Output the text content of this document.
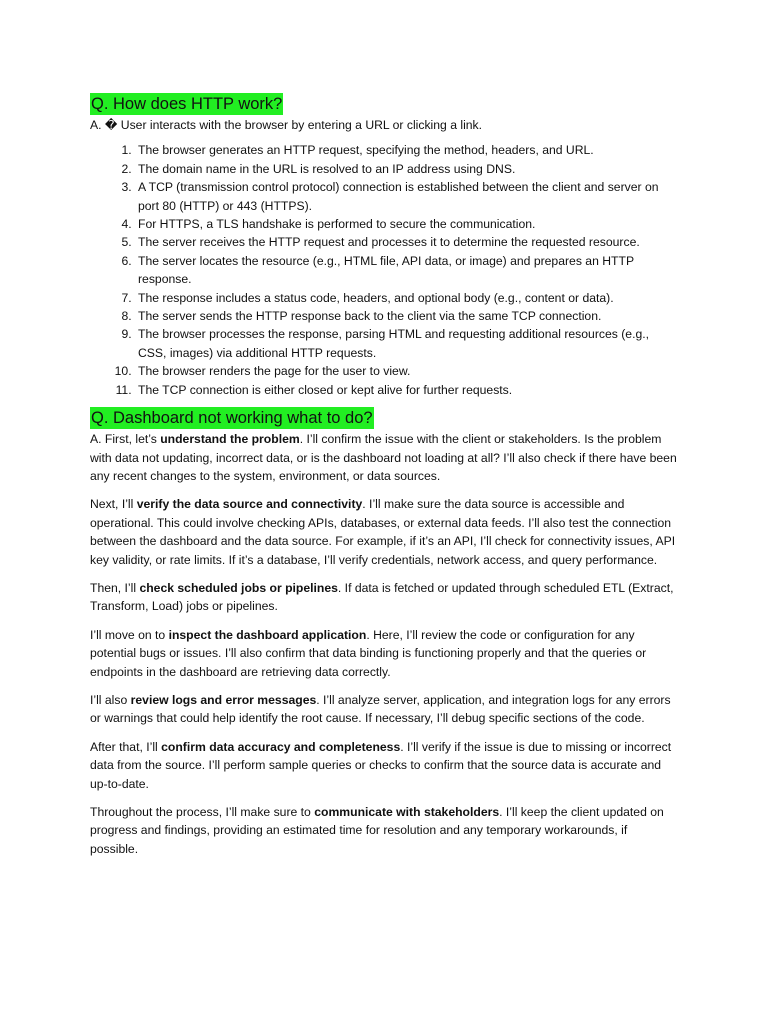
Q. How does HTTP work?

A. � User interacts with the browser by entering a URL or clicking a link.

1. The browser generates an HTTP request, specifying the method, headers, and URL.
2. The domain name in the URL is resolved to an IP address using DNS.
3. A TCP (transmission control protocol) connection is established between the client and server on port 80 (HTTP) or 443 (HTTPS).
4. For HTTPS, a TLS handshake is performed to secure the communication.
5. The server receives the HTTP request and processes it to determine the requested resource.
6. The server locates the resource (e.g., HTML file, API data, or image) and prepares an HTTP response.
7. The response includes a status code, headers, and optional body (e.g., content or data).
8. The server sends the HTTP response back to the client via the same TCP connection.
9. The browser processes the response, parsing HTML and requesting additional resources (e.g., CSS, images) via additional HTTP requests.
10. The browser renders the page for the user to view.
11. The TCP connection is either closed or kept alive for further requests.
Q. Dashboard not working what to do?

A. First, let’s understand the problem. I’ll confirm the issue with the client or stakeholders. Is the problem with data not updating, incorrect data, or is the dashboard not loading at all? I’ll also check if there have been any recent changes to the system, environment, or data sources.

Next, I’ll verify the data source and connectivity. I’ll make sure the data source is accessible and operational. This could involve checking APIs, databases, or external data feeds. I’ll also test the connection between the dashboard and the data source. For example, if it’s an API, I’ll check for connectivity issues, API key validity, or rate limits. If it’s a database, I’ll verify credentials, network access, and query performance.

Then, I’ll check scheduled jobs or pipelines. If data is fetched or updated through scheduled ETL (Extract, Transform, Load) jobs or pipelines.

I’ll move on to inspect the dashboard application. Here, I’ll review the code or configuration for any potential bugs or issues. I’ll also confirm that data binding is functioning properly and that the queries or endpoints in the dashboard are retrieving data correctly.

I’ll also review logs and error messages. I’ll analyze server, application, and integration logs for any errors or warnings that could help identify the root cause. If necessary, I’ll debug specific sections of the code.

After that, I’ll confirm data accuracy and completeness. I’ll verify if the issue is due to missing or incorrect data from the source. I’ll perform sample queries or checks to confirm that the source data is accurate and up-to-date.

Throughout the process, I’ll make sure to communicate with stakeholders. I’ll keep the client updated on progress and findings, providing an estimated time for resolution and any temporary workarounds, if possible.
